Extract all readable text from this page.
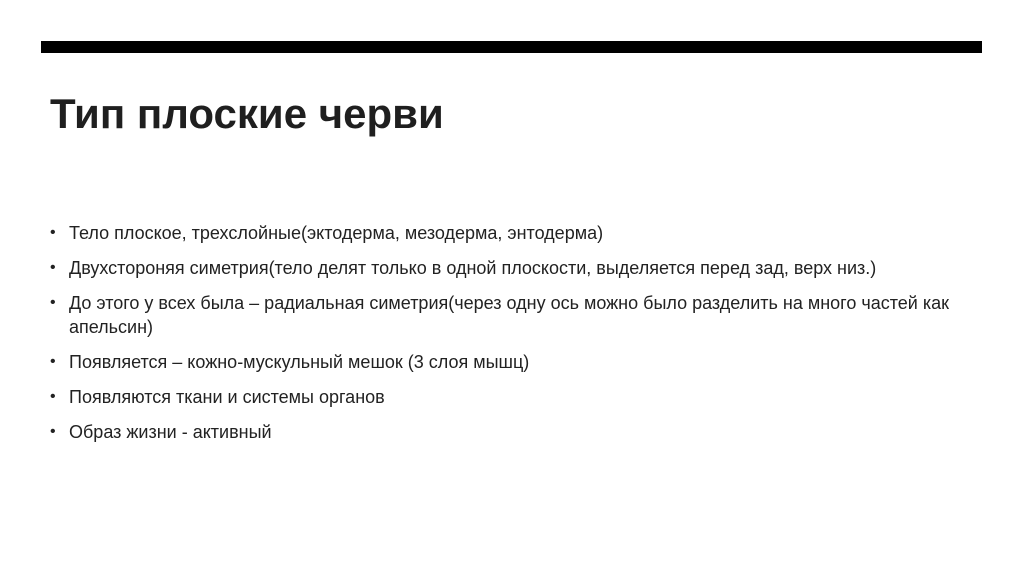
Тип плоские черви
• Тело плоское, трехслойные(эктодерма, мезодерма, энтодерма)
• Двухстороняя симетрия(тело делят только в одной плоскости, выделяется перед зад, верх низ.)
• До этого у всех была – радиальная симетрия(через одну ось можно было разделить на много частей как апельсин)
• Появляется – кожно-мускульный мешок (3 слоя мышц)
• Появляются ткани и системы органов
• Образ жизни - активный
